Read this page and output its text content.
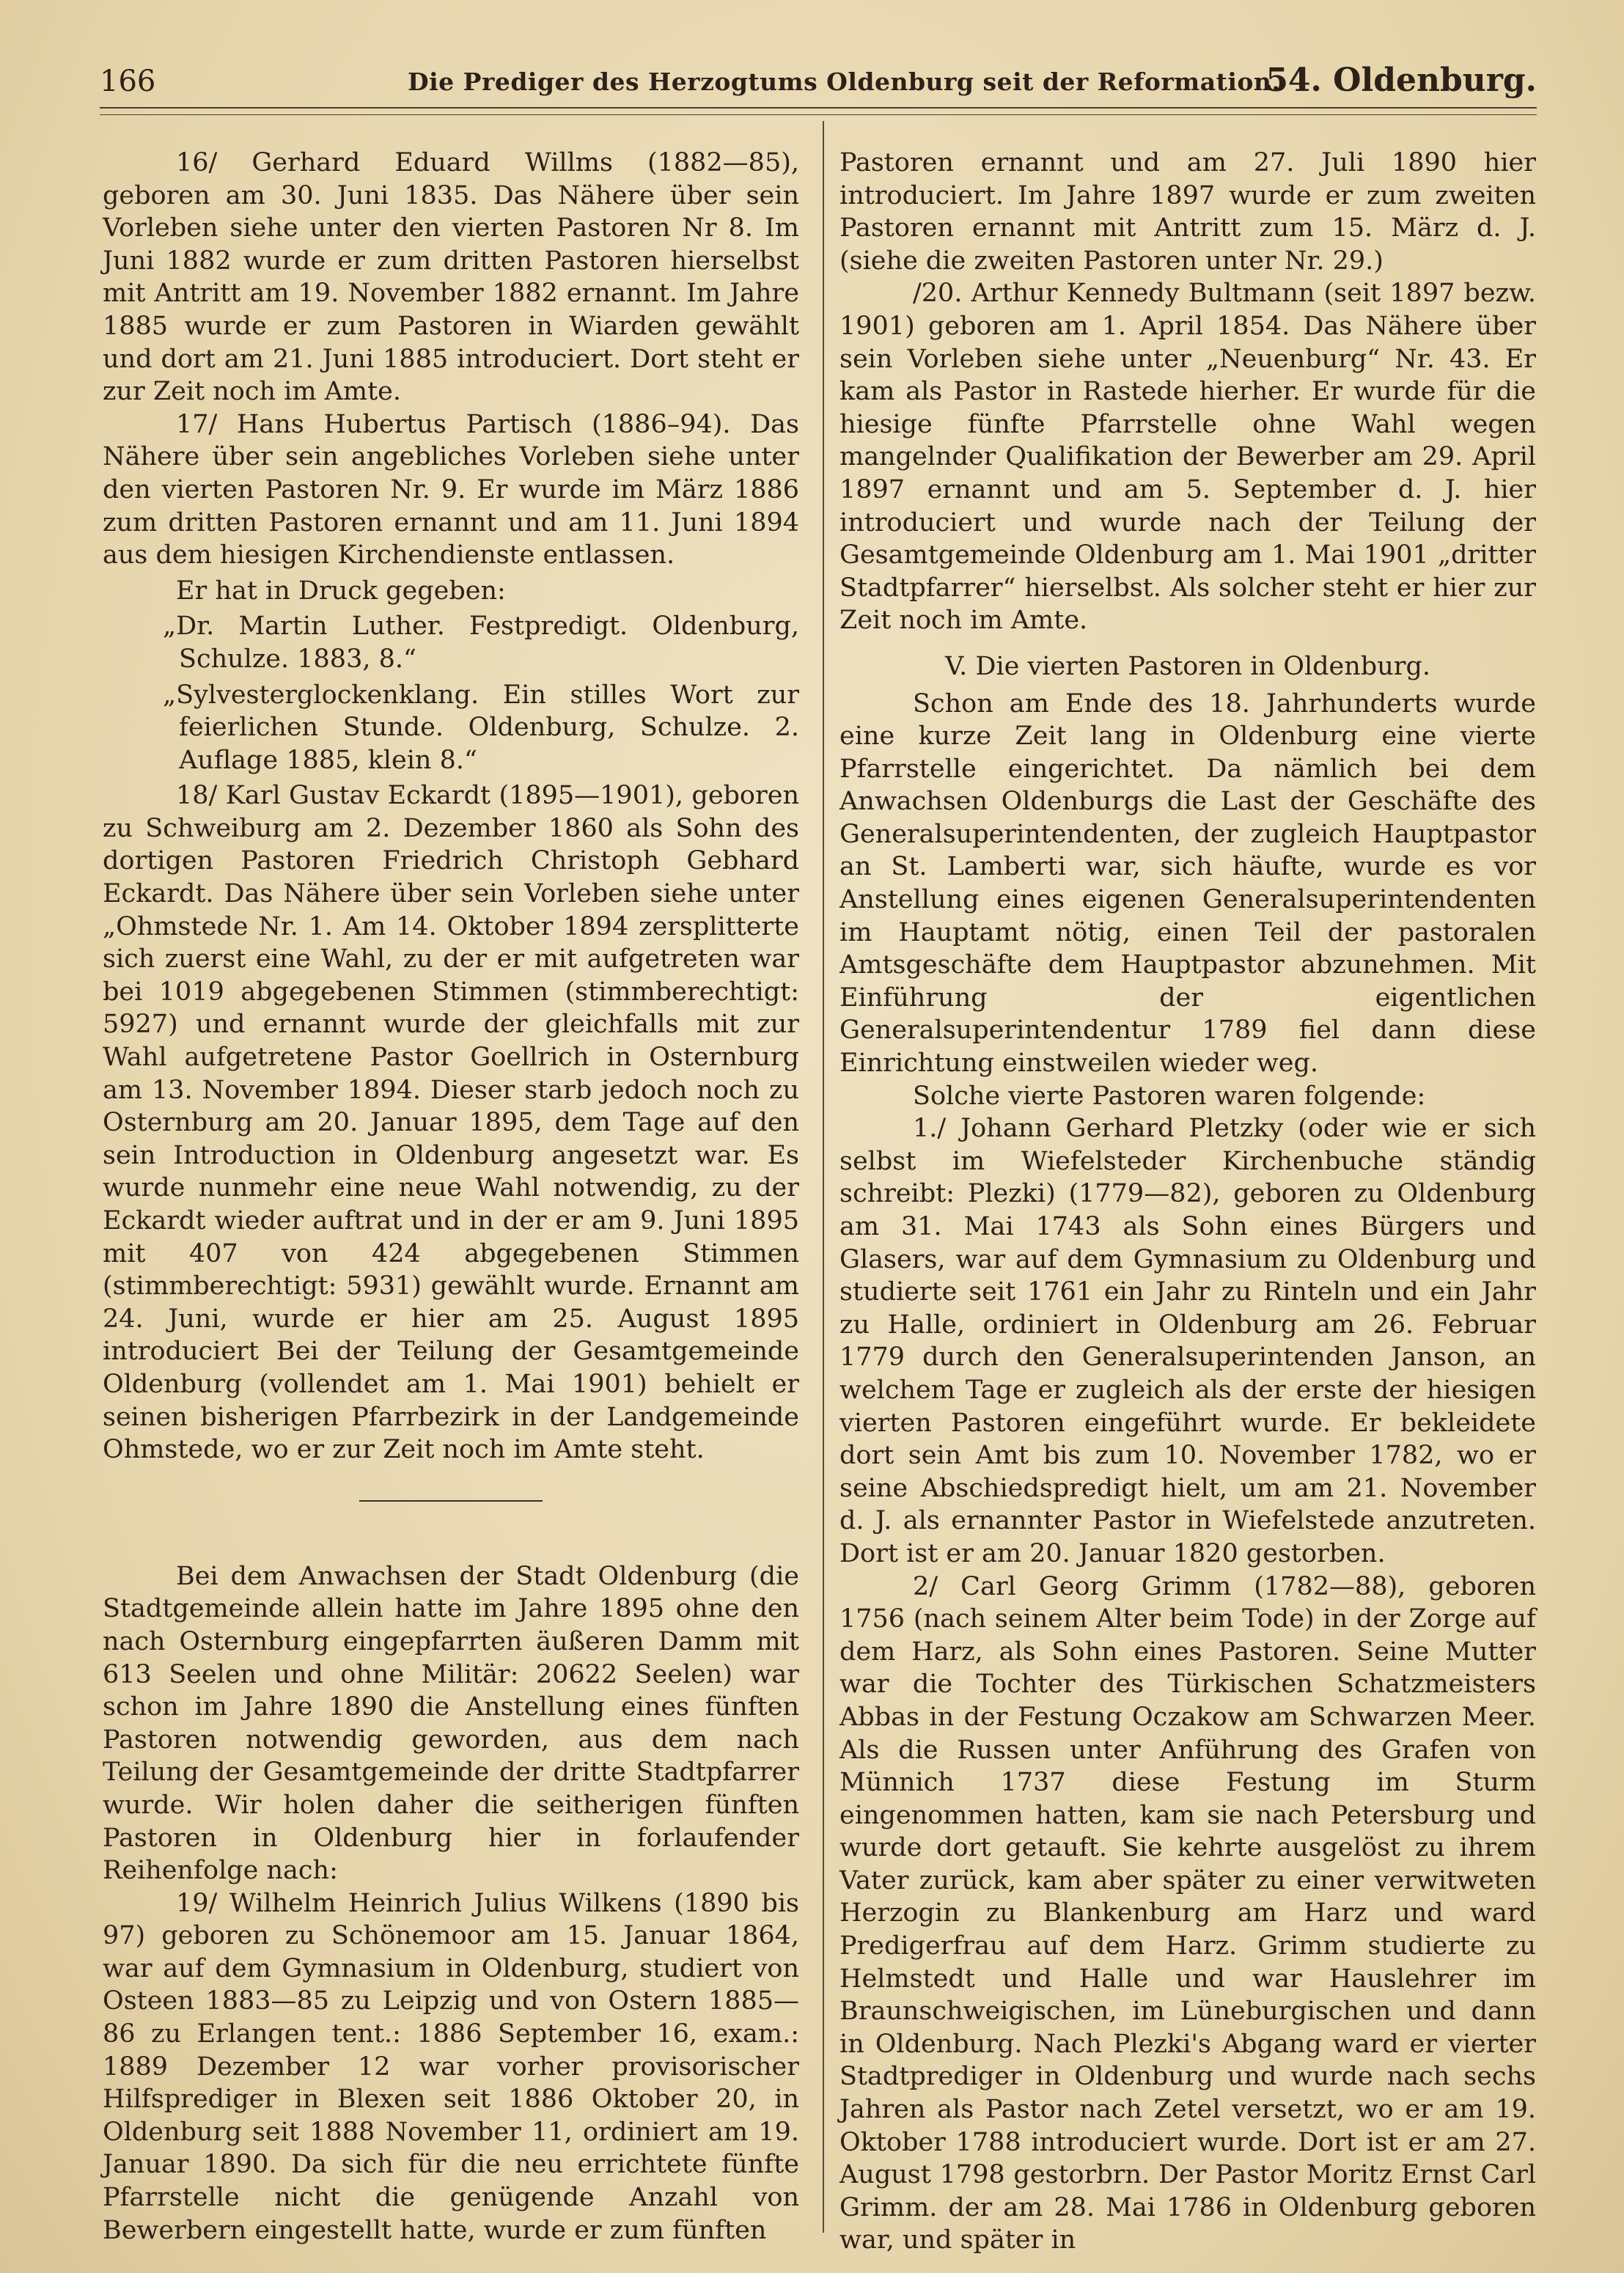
166	Die Prediger des Herzogtums Oldenburg seit der Reformation.
54. Oldenburg.

16/ Gerhard Eduard Willms (1882—85), geboren am 30. Juni 1835. Das Nähere über sein Vorleben siehe unter den vierten Pastoren Nr 8. Im Juni 1882 wurde er zum dritten Pastoren hierselbst mit Antritt am 19. November 1882 ernannt. Im Jahre 1885 wurde er zum Pastoren in Wiarden gewählt und dort am 21. Juni 1885 introduciert. Dort steht er zur Zeit noch im Amte.

17/ Hans Hubertus Partisch (1886–94). Das Nähere über sein angebliches Vorleben siehe unter den vierten Pastoren Nr. 9. Er wurde im März 1886 zum dritten Pastoren ernannt und am 11. Juni 1894 aus dem hiesigen Kirchendienste entlassen.

Er hat in Druck gegeben:

„Dr. Martin Luther. Festpredigt. Oldenburg, Schulze. 1883, 8.“

„Sylvesterglockenklang. Ein stilles Wort zur feierlichen Stunde. Oldenburg, Schulze. 2. Auflage 1885, klein 8.“

18/ Karl Gustav Eckardt (1895—1901), geboren zu Schweiburg am 2. Dezember 1860 als Sohn des dortigen Pastoren Friedrich Christoph Gebhard Eckardt. Das Nähere über sein Vorleben siehe unter „Ohmstede Nr. 1. Am 14. Oktober 1894 zersplitterte sich zuerst eine Wahl, zu der er mit aufgetreten war bei 1019 abgegebenen Stimmen (stimmberechtigt: 5927) und ernannt wurde der gleichfalls mit zur Wahl aufgetretene Pastor Goellrich in Osternburg am 13. November 1894. Dieser starb jedoch noch zu Osternburg am 20. Januar 1895, dem Tage auf den sein Introduction in Oldenburg angesetzt war. Es wurde nunmehr eine neue Wahl notwendig, zu der Eckardt wieder auftrat und in der er am 9. Juni 1895 mit 407 von 424 abgegebenen Stimmen (stimmberechtigt: 5931) gewählt wurde. Ernannt am 24. Juni, wurde er hier am 25. August 1895 introduciert Bei der Teilung der Gesamtgemeinde Oldenburg (vollendet am 1. Mai 1901) behielt er seinen bisherigen Pfarrbezirk in der Landgemeinde Ohmstede, wo er zur Zeit noch im Amte steht.

Bei dem Anwachsen der Stadt Oldenburg (die Stadtgemeinde allein hatte im Jahre 1895 ohne den nach Osternburg eingepfarrten äußeren Damm mit 613 Seelen und ohne Militär: 20622 Seelen) war schon im Jahre 1890 die Anstellung eines fünften Pastoren notwendig geworden, aus dem nach Teilung der Gesamtgemeinde der dritte Stadtpfarrer wurde. Wir holen daher die seitherigen fünften Pastoren in Oldenburg hier in forlaufender Reihenfolge nach:

19/ Wilhelm Heinrich Julius Wilkens (1890 bis 97) geboren zu Schönemoor am 15. Januar 1864, war auf dem Gymnasium in Oldenburg, studiert von Osteen 1883—85 zu Leipzig und von Ostern 1885—86 zu Erlangen tent.: 1886 September 16, exam.: 1889 Dezember 12 war vorher provisorischer Hilfsprediger in Blexen seit 1886 Oktober 20, in Oldenburg seit 1888 November 11, ordiniert am 19. Januar 1890. Da sich für die neu errichtete fünfte Pfarrstelle nicht die genügende Anzahl von Bewerbern eingestellt hatte, wurde er zum fünften

Pastoren ernannt und am 27. Juli 1890 hier introduciert. Im Jahre 1897 wurde er zum zweiten Pastoren ernannt mit Antritt zum 15. März d. J. (siehe die zweiten Pastoren unter Nr. 29.)

/20. Arthur Kennedy Bultmann (seit 1897 bezw. 1901) geboren am 1. April 1854. Das Nähere über sein Vorleben siehe unter „Neuenburg“ Nr. 43. Er kam als Pastor in Rastede hierher. Er wurde für die hiesige fünfte Pfarrstelle ohne Wahl wegen mangelnder Qualifikation der Bewerber am 29. April 1897 ernannt und am 5. September d. J. hier introduciert und wurde nach der Teilung der Gesamtgemeinde Oldenburg am 1. Mai 1901 „dritter Stadtpfarrer“ hierselbst. Als solcher steht er hier zur Zeit noch im Amte.

V. Die vierten Pastoren in Oldenburg.

Schon am Ende des 18. Jahrhunderts wurde eine kurze Zeit lang in Oldenburg eine vierte Pfarrstelle eingerichtet. Da nämlich bei dem Anwachsen Oldenburgs die Last der Geschäfte des Generalsuperintendenten, der zugleich Hauptpastor an St. Lamberti war, sich häufte, wurde es vor Anstellung eines eigenen Generalsuperintendenten im Hauptamt nötig, einen Teil der pastoralen Amtsgeschäfte dem Hauptpastor abzunehmen. Mit Einführung der eigentlichen Generalsuperintendentur 1789 fiel dann diese Einrichtung einstweilen wieder weg.

Solche vierte Pastoren waren folgende:

1./ Johann Gerhard Pletzky (oder wie er sich selbst im Wiefelsteder Kirchenbuche ständig schreibt: Plezki) (1779—82), geboren zu Oldenburg am 31. Mai 1743 als Sohn eines Bürgers und Glasers, war auf dem Gymnasium zu Oldenburg und studierte seit 1761 ein Jahr zu Rinteln und ein Jahr zu Halle, ordiniert in Oldenburg am 26. Februar 1779 durch den Generalsuperintenden Janson, an welchem Tage er zugleich als der erste der hiesigen vierten Pastoren eingeführt wurde. Er bekleidete dort sein Amt bis zum 10. November 1782, wo er seine Abschiedspredigt hielt, um am 21. November d. J. als ernannter Pastor in Wiefelstede anzutreten. Dort ist er am 20. Januar 1820 gestorben.

2/ Carl Georg Grimm (1782—88), geboren 1756 (nach seinem Alter beim Tode) in der Zorge auf dem Harz, als Sohn eines Pastoren. Seine Mutter war die Tochter des Türkischen Schatzmeisters Abbas in der Festung Oczakow am Schwarzen Meer. Als die Russen unter Anführung des Grafen von Münnich 1737 diese Festung im Sturm eingenommen hatten, kam sie nach Petersburg und wurde dort getauft. Sie kehrte ausgelöst zu ihrem Vater zurück, kam aber später zu einer verwitweten Herzogin zu Blankenburg am Harz und ward Predigerfrau auf dem Harz. Grimm studierte zu Helmstedt und Halle und war Hauslehrer im Braunschweigischen, im Lüneburgischen und dann in Oldenburg. Nach Plezki's Abgang ward er vierter Stadtprediger in Oldenburg und wurde nach sechs Jahren als Pastor nach Zetel versetzt, wo er am 19. Oktober 1788 introduciert wurde. Dort ist er am 27. August 1798 gestorbrn. Der Pastor Moritz Ernst Carl Grimm. der am 28. Mai 1786 in Oldenburg geboren war, und später in
